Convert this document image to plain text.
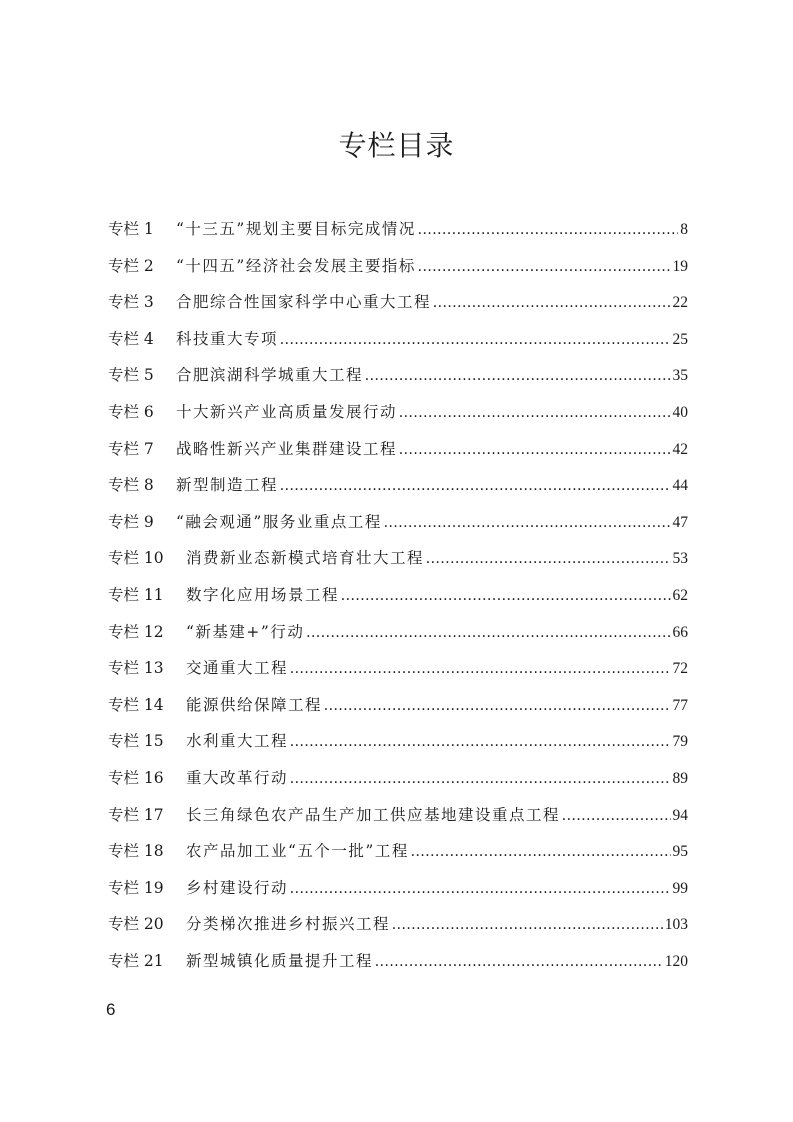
专栏目录
专栏 1	“十三五”规划主要目标完成情况 .....	8
专栏 2	“十四五”经济社会发展主要指标 .....	19
专栏 3	合肥综合性国家科学中心重大工程 .....	22
专栏 4	科技重大专项 .....	25
专栏 5	合肥滨湖科学城重大工程 .....	35
专栏 6	十大新兴产业高质量发展行动 .....	40
专栏 7	战略性新兴产业集群建设工程 .....	42
专栏 8	新型制造工程 .....	44
专栏 9	“融会观通”服务业重点工程 .....	47
专栏 10	消费新业态新模式培育壮大工程 .....	53
专栏 11	数字化应用场景工程 .....	62
专栏 12	“新基建+”行动 .....	66
专栏 13	交通重大工程 .....	72
专栏 14	能源供给保障工程 .....	77
专栏 15	水利重大工程 .....	79
专栏 16	重大改革行动 .....	89
专栏 17	长三角绿色农产品生产加工供应基地建设重点工程 .....	94
专栏 18	农产品加工业“五个一批”工程 .....	95
专栏 19	乡村建设行动 .....	99
专栏 20	分类梯次推进乡村振兴工程 .....	103
专栏 21	新型城镇化质量提升工程 .....	120
6
